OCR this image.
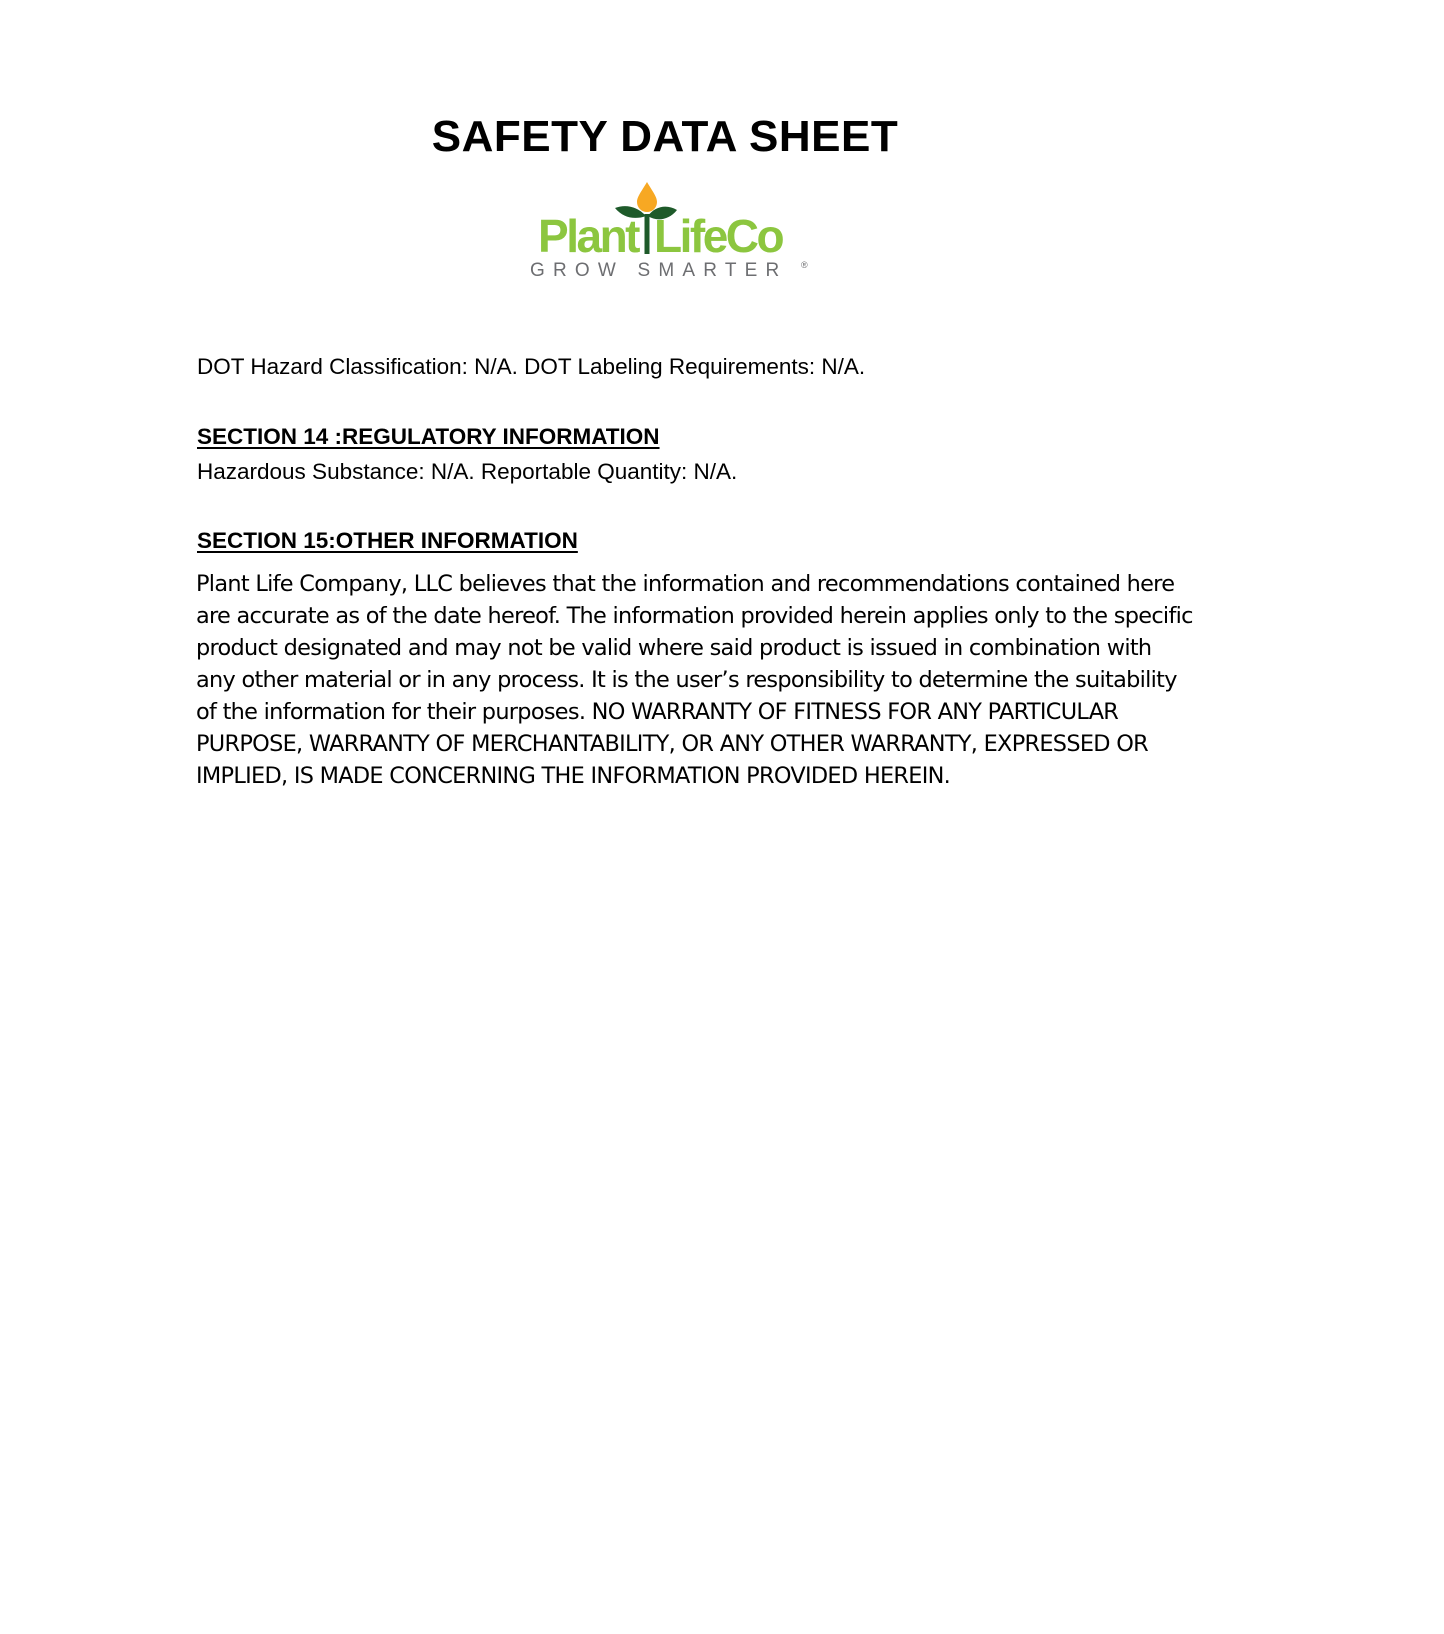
SAFETY DATA SHEET
Plant LifeCo
GROW SMARTER ®

DOT Hazard Classification: N/A. DOT Labeling Requirements: N/A.

SECTION 14 :REGULATORY INFORMATION

Hazardous Substance: N/A. Reportable Quantity: N/A.

SECTION 15:OTHER INFORMATION

Plant Life Company, LLC believes that the information and recommendations contained here are accurate as of the date hereof. The information provided herein applies only to the specific product designated and may not be valid where said product is issued in combination with any other material or in any process. It is the user’s responsibility to determine the suitability of the information for their purposes. NO WARRANTY OF FITNESS FOR ANY PARTICULAR PURPOSE, WARRANTY OF MERCHANTABILITY, OR ANY OTHER WARRANTY, EXPRESSED OR IMPLIED, IS MADE CONCERNING THE INFORMATION PROVIDED HEREIN.
